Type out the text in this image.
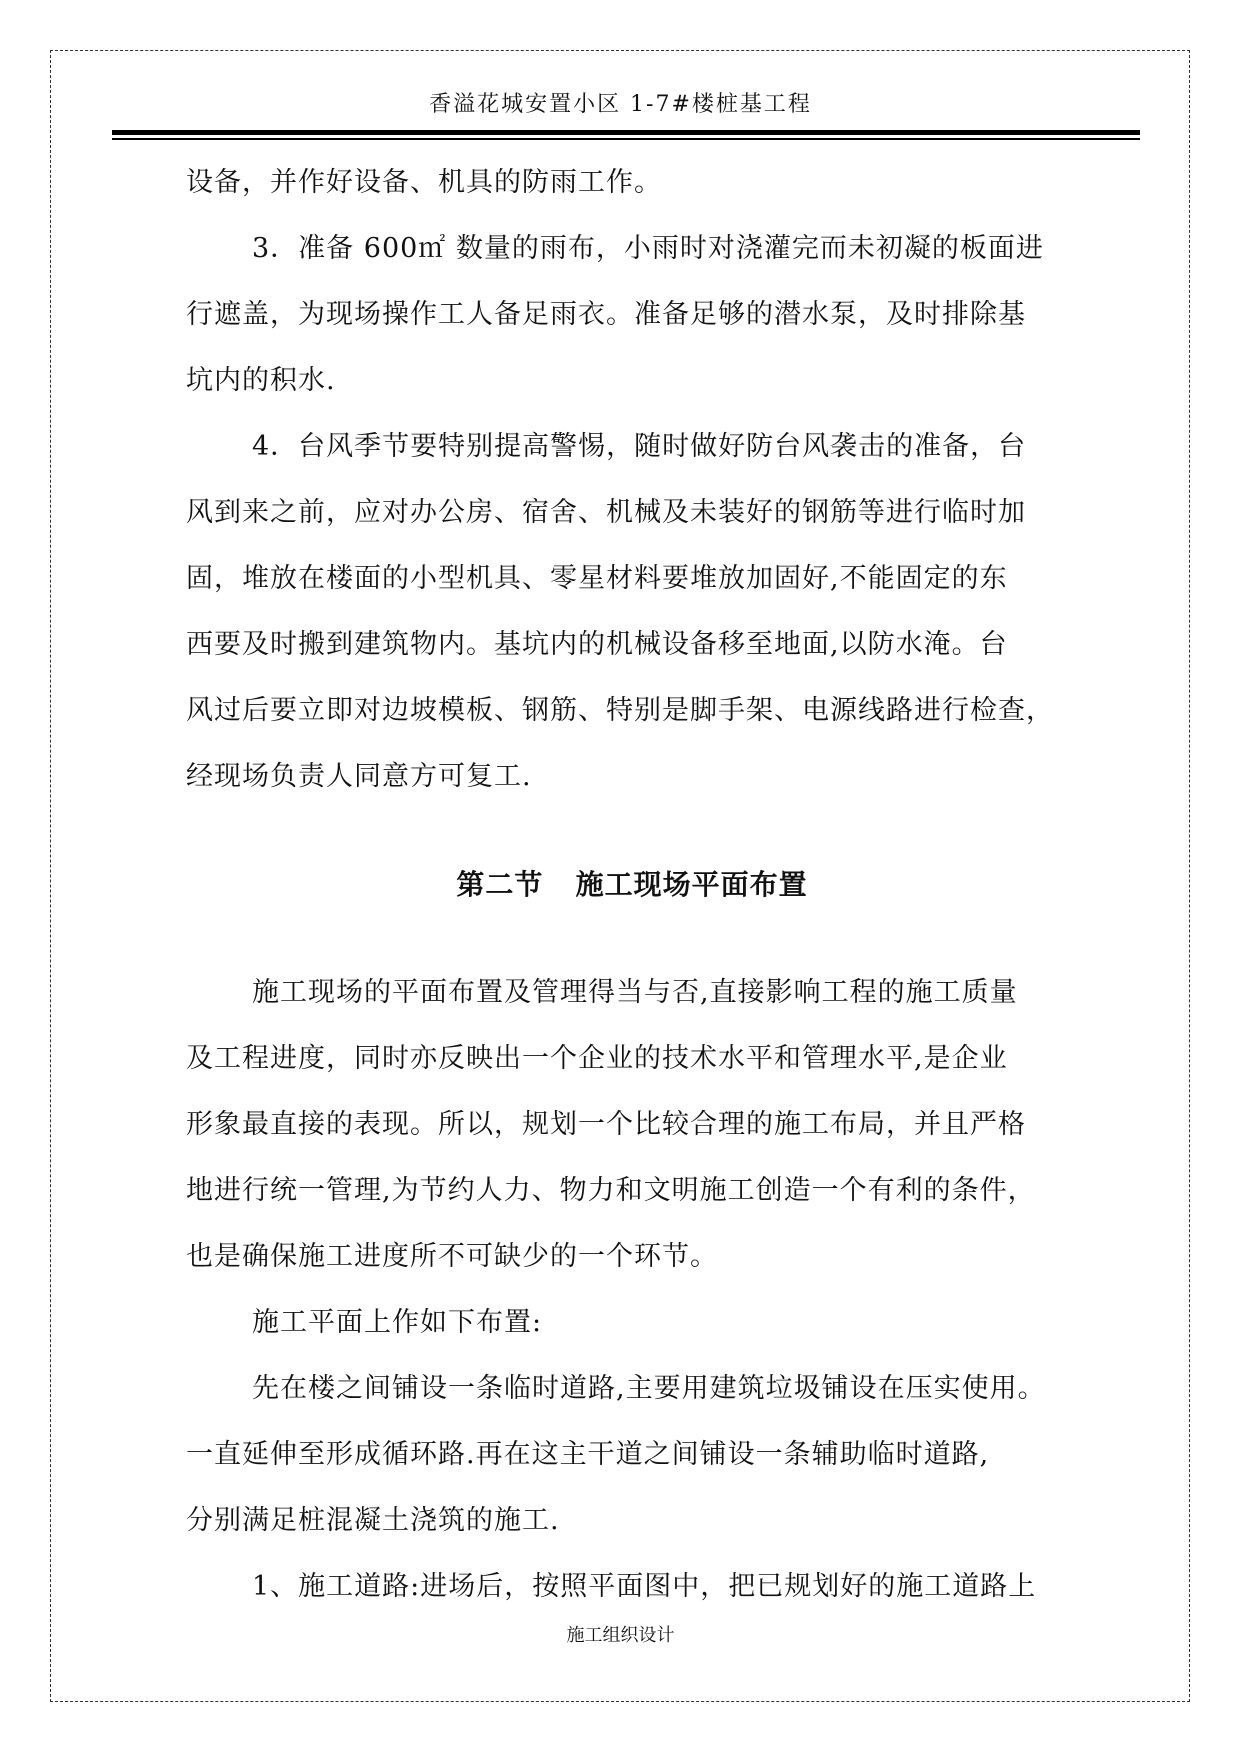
香溢花城安置小区 1-7#楼桩基工程

设备，并作好设备、机具的防雨工作。

3．准备 600㎡ 数量的雨布，小雨时对浇灌完而未初凝的板面进

行遮盖，为现场操作工人备足雨衣。准备足够的潜水泵，及时排除基

坑内的积水.

4．台风季节要特别提高警惕，随时做好防台风袭击的准备，台

风到来之前，应对办公房、宿舍、机械及未装好的钢筋等进行临时加

固，堆放在楼面的小型机具、零星材料要堆放加固好,不能固定的东

西要及时搬到建筑物内。基坑内的机械设备移至地面,以防水淹。台

风过后要立即对边坡模板、钢筋、特别是脚手架、电源线路进行检查，

经现场负责人同意方可复工.

第二节   施工现场平面布置

施工现场的平面布置及管理得当与否,直接影响工程的施工质量

及工程进度，同时亦反映出一个企业的技术水平和管理水平,是企业

形象最直接的表现。所以，规划一个比较合理的施工布局，并且严格

地进行统一管理,为节约人力、物力和文明施工创造一个有利的条件，

也是确保施工进度所不可缺少的一个环节。

施工平面上作如下布置:

先在楼之间铺设一条临时道路,主要用建筑垃圾铺设在压实使用。

一直延伸至形成循环路.再在这主干道之间铺设一条辅助临时道路,

分别满足桩混凝土浇筑的施工.

1、施工道路:进场后，按照平面图中，把已规划好的施工道路上

施工组织设计
